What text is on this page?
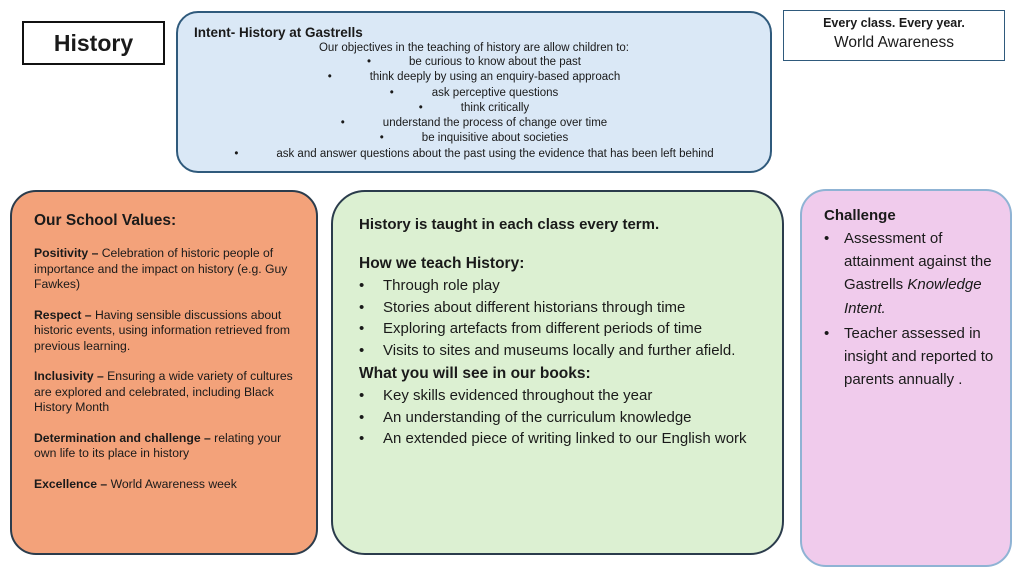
History	Intent- History at Gastrells
Our objectives in the teaching of history are allow children to:
• be curious to know about the past
• think deeply by using an enquiry-based approach
• ask perceptive questions
• think critically
• understand the process of change over time
• be inquisitive about societies
• ask and answer questions about the past using the evidence that has been left behind
Every class. Every year.
World Awareness
Our School Values:
Positivity – Celebration of historic people of importance and the impact on history (e.g. Guy Fawkes)
Respect – Having sensible discussions about historic events, using information retrieved from previous learning.
Inclusivity – Ensuring a wide variety of cultures are explored and celebrated, including Black History Month
Determination and challenge – relating your own life to its place in history
Excellence – World Awareness week
History is taught in each class every term.
How we teach History:
• Through role play
• Stories about different historians through time
• Exploring artefacts from different periods of time
• Visits to sites and museums locally and further afield.
What you will see in our books:
• Key skills evidenced throughout the year
• An understanding of the curriculum knowledge
• An extended piece of writing linked to our English work
Challenge
• Assessment of attainment against the Gastrells Knowledge Intent.
• Teacher assessed in insight and reported to parents annually .
